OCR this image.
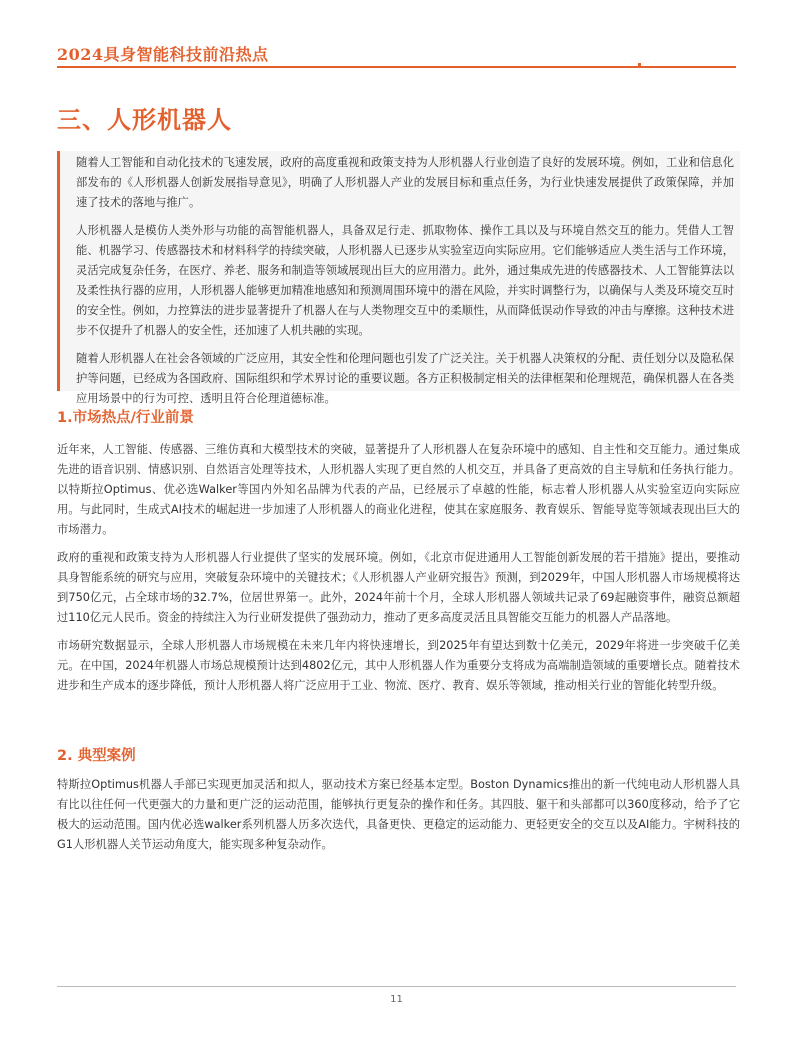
2024具身智能科技前沿热点
三、人形机器人

随着人工智能和自动化技术的飞速发展，政府的高度重视和政策支持为人形机器人行业创造了良好的发展环境。例如，工业和信息化部发布的《人形机器人创新发展指导意见》，明确了人形机器人产业的发展目标和重点任务，为行业快速发展提供了政策保障，并加速了技术的落地与推广。

人形机器人是模仿人类外形与功能的高智能机器人，具备双足行走、抓取物体、操作工具以及与环境自然交互的能力。凭借人工智能、机器学习、传感器技术和材料科学的持续突破，人形机器人已逐步从实验室迈向实际应用。它们能够适应人类生活与工作环境，灵活完成复杂任务，在医疗、养老、服务和制造等领域展现出巨大的应用潜力。此外，通过集成先进的传感器技术、人工智能算法以及柔性执行器的应用，人形机器人能够更加精准地感知和预测周围环境中的潜在风险，并实时调整行为，以确保与人类及环境交互时的安全性。例如，力控算法的进步显著提升了机器人在与人类物理交互中的柔顺性，从而降低误动作导致的冲击与摩擦。这种技术进步不仅提升了机器人的安全性，还加速了人机共融的实现。

随着人形机器人在社会各领域的广泛应用，其安全性和伦理问题也引发了广泛关注。关于机器人决策权的分配、责任划分以及隐私保护等问题，已经成为各国政府、国际组织和学术界讨论的重要议题。各方正积极制定相关的法律框架和伦理规范，确保机器人在各类应用场景中的行为可控、透明且符合伦理道德标准。

1.市场热点/行业前景

近年来，人工智能、传感器、三维仿真和大模型技术的突破，显著提升了人形机器人在复杂环境中的感知、自主性和交互能力。通过集成先进的语音识别、情感识别、自然语言处理等技术，人形机器人实现了更自然的人机交互，并具备了更高效的自主导航和任务执行能力。以特斯拉Optimus、优必选Walker等国内外知名品牌为代表的产品，已经展示了卓越的性能，标志着人形机器人从实验室迈向实际应用。与此同时，生成式AI技术的崛起进一步加速了人形机器人的商业化进程，使其在家庭服务、教育娱乐、智能导览等领域表现出巨大的市场潜力。

政府的重视和政策支持为人形机器人行业提供了坚实的发展环境。例如，《北京市促进通用人工智能创新发展的若干措施》提出，要推动具身智能系统的研究与应用，突破复杂环境中的关键技术；《人形机器人产业研究报告》预测，到2029年，中国人形机器人市场规模将达到750亿元，占全球市场的32.7%，位居世界第一。此外，2024年前十个月，全球人形机器人领域共记录了69起融资事件，融资总额超过110亿元人民币。资金的持续注入为行业研发提供了强劲动力，推动了更多高度灵活且具智能交互能力的机器人产品落地。

市场研究数据显示，全球人形机器人市场规模在未来几年内将快速增长，到2025年有望达到数十亿美元，2029年将进一步突破千亿美元。在中国，2024年机器人市场总规模预计达到4802亿元，其中人形机器人作为重要分支将成为高端制造领域的重要增长点。随着技术进步和生产成本的逐步降低，预计人形机器人将广泛应用于工业、物流、医疗、教育、娱乐等领域，推动相关行业的智能化转型升级。

2. 典型案例

特斯拉Optimus机器人手部已实现更加灵活和拟人，驱动技术方案已经基本定型。Boston Dynamics推出的新一代纯电动人形机器人具有比以往任何一代更强大的力量和更广泛的运动范围，能够执行更复杂的操作和任务。其四肢、躯干和头部都可以360度移动，给予了它极大的运动范围。国内优必选walker系列机器人历多次迭代，具备更快、更稳定的运动能力、更轻更安全的交互以及AI能力。宇树科技的G1人形机器人关节运动角度大，能实现多种复杂动作。

11
